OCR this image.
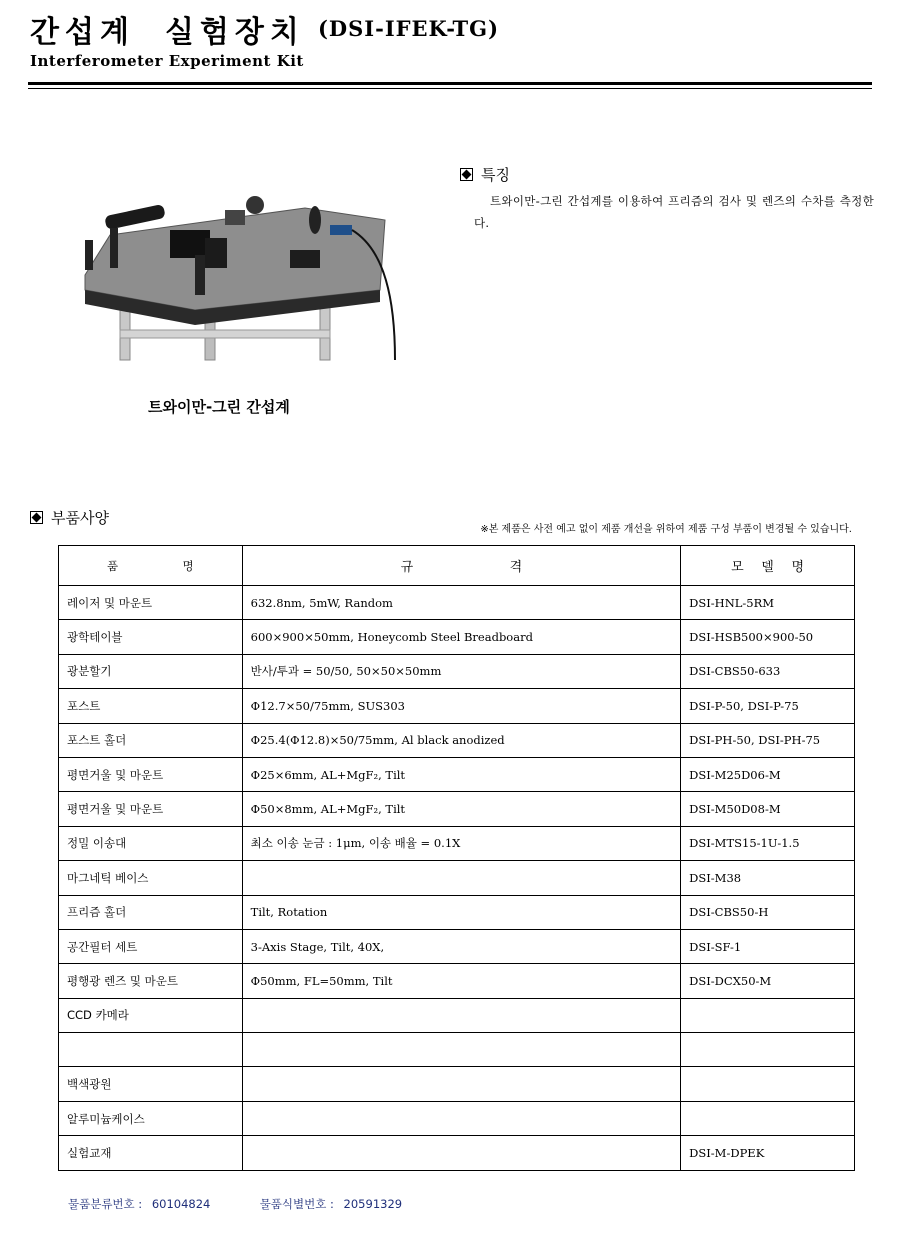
간섭계 실험장치 (DSI-IFEK-TG)
Interferometer Experiment Kit
트와이만-그린 간섭계
특징
트와이만-그린 간섭계를 이용하여 프리즘의 검사 및 렌즈의 수차를 측정한다.
부품사양
※본 제품은 사전 예고 없이 제품 개선을 위하여 제품 구성 부품이 변경될 수 있습니다.
품 명	규 격	모 델 명

레이저 및 마운트	632.8nm, 5mW, Random	DSI-HNL-5RM
광학테이블	600×900×50mm, Honeycomb Steel Breadboard	DSI-HSB500×900-50
광분할기	반사/투과 = 50/50, 50×50×50mm	DSI-CBS50-633
포스트	Φ12.7×50/75mm, SUS303	DSI-P-50, DSI-P-75
포스트 홀더	Φ25.4(Φ12.8)×50/75mm, Al black anodized	DSI-PH-50, DSI-PH-75
평면거울 및 마운트	Φ25×6mm, AL+MgF₂, Tilt	DSI-M25D06-M
평면거울 및 마운트	Φ50×8mm, AL+MgF₂, Tilt	DSI-M50D08-M
정밀 이송대	최소 이송 눈금 : 1μm, 이송 배율 = 0.1X	DSI-MTS15-1U-1.5
마그네틱 베이스		DSI-M38
프리즘 홀더	Tilt, Rotation	DSI-CBS50-H
공간필터 세트	3-Axis Stage, Tilt, 40X,	DSI-SF-1
평행광 렌즈 및 마운트	Φ50mm, FL=50mm, Tilt	DSI-DCX50-M
CCD 카메라		

백색광원		
알루미늄케이스		
실험교재		DSI-M-DPEK
물품분류번호 : 60104824	물품식별번호 : 20591329
